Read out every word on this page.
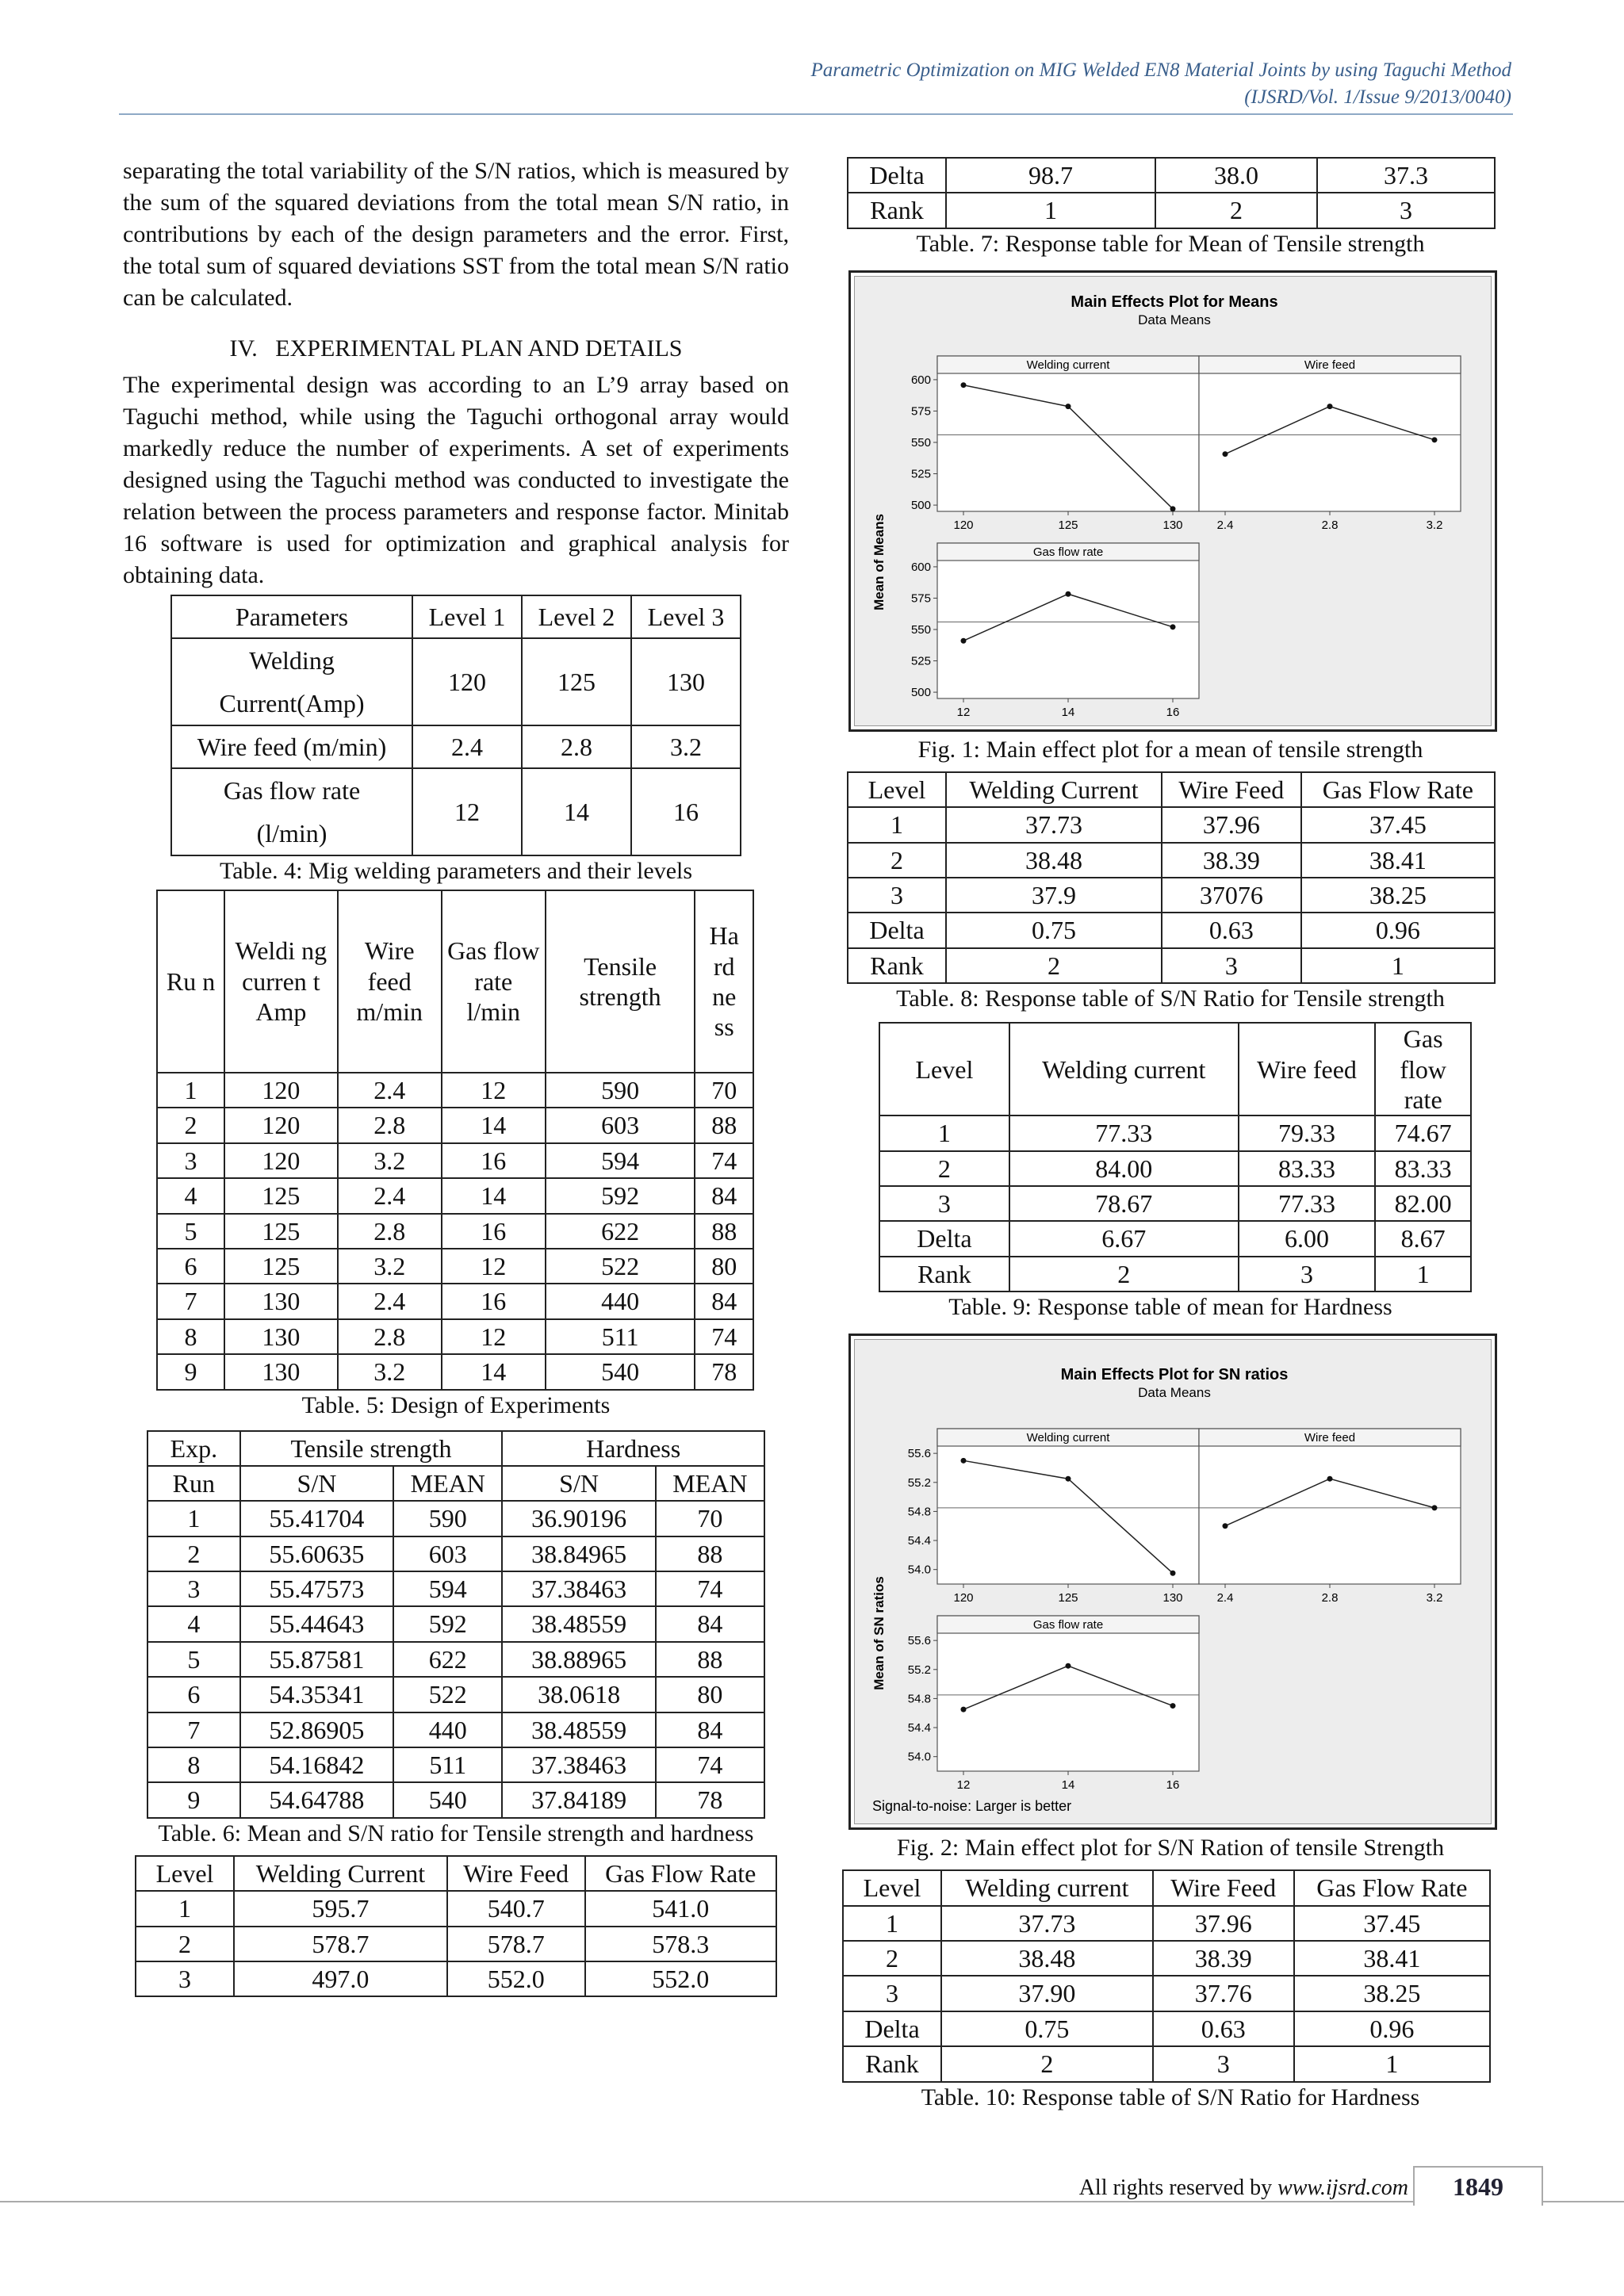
Parametric Optimization on MIG Welded EN8 Material Joints by using Taguchi Method
(IJSRD/Vol. 1/Issue 9/2013/0040)

separating the total variability of the S/N ratios, which is measured by the sum of the squared deviations from the total mean S/N ratio, in contributions by each of the design parameters and the error. First, the total sum of squared deviations SST from the total mean S/N ratio can be calculated.

IV.   EXPERIMENTAL PLAN AND DETAILS

The experimental design was according to an L’9 array based on Taguchi method, while using the Taguchi orthogonal array would markedly reduce the number of experiments. A set of experiments designed using the Taguchi method was conducted to investigate the relation between the process parameters and response factor. Minitab 16 software is used for optimization and graphical analysis for obtaining data.

Parameters	Level 1	Level 2	Level 3
Welding Current(Amp)	120	125	130
Wire feed (m/min)	2.4	2.8	3.2
Gas flow rate (l/min)	12	14	16
Table. 4: Mig welding parameters and their levels
Ru n	Weldi ng curren t Amp	Wire feed m/min	Gas flow rate l/min	Tensile strength	Ha rd ne ss
1	120	2.4	12	590	70
2	120	2.8	14	603	88
3	120	3.2	16	594	74
4	125	2.4	14	592	84
5	125	2.8	16	622	88
6	125	3.2	12	522	80
7	130	2.4	16	440	84
8	130	2.8	12	511	74
9	130	3.2	14	540	78
Table. 5: Design of Experiments
Exp.	Tensile strength		Hardness	
Run	S/N	MEAN	S/N	MEAN
1	55.41704	590	36.90196	70
2	55.60635	603	38.84965	88
3	55.47573	594	37.38463	74
4	55.44643	592	38.48559	84
5	55.87581	622	38.88965	88
6	54.35341	522	38.0618	80
7	52.86905	440	38.48559	84
8	54.16842	511	37.38463	74
9	54.64788	540	37.84189	78
Table. 6: Mean and S/N ratio for Tensile strength and hardness
Level	Welding Current	Wire Feed	Gas Flow Rate
1	595.7	540.7	541.0
2	578.7	578.7	578.3
3	497.0	552.0	552.0
Delta	98.7	38.0	37.3
Rank	1	2	3
Table. 7: Response table for Mean of Tensile strength
Main Effects Plot for Means
Data Means
Mean of Means
Welding current
120	125	130
500
525
550
575
600
Wire feed
2.4	2.8	3.2
Gas flow rate
12	14	16
500
525
550
575
600
Fig. 1: Main effect plot for a mean of tensile strength
Level	Welding Current	Wire Feed	Gas Flow Rate
1	37.73	37.96	37.45
2	38.48	38.39	38.41
3	37.9	37076	38.25
Delta	0.75	0.63	0.96
Rank	2	3	1
Table. 8: Response table of S/N Ratio for Tensile strength
Level	Welding current	Wire feed	Gas flow rate
1	77.33	79.33	74.67
2	84.00	83.33	83.33
3	78.67	77.33	82.00
Delta	6.67	6.00	8.67
Rank	2	3	1
Table. 9: Response table of mean for Hardness
Main Effects Plot for SN ratios
Data Means
Mean of SN ratios
Signal-to-noise: Larger is better
Welding current
120	125	130
54.0
54.4
54.8
55.2
55.6
Wire feed
2.4	2.8	3.2
Gas flow rate
12	14	16
54.0
54.4
54.8
55.2
55.6
Fig. 2: Main effect plot for S/N Ration of tensile Strength
Level	Welding current	Wire Feed	Gas Flow Rate
1	37.73	37.96	37.45
2	38.48	38.39	38.41
3	37.90	37.76	38.25
Delta	0.75	0.63	0.96
Rank	2	3	1
Table. 10: Response table of S/N Ratio for Hardness
All rights reserved by www.ijsrd.com	1849
